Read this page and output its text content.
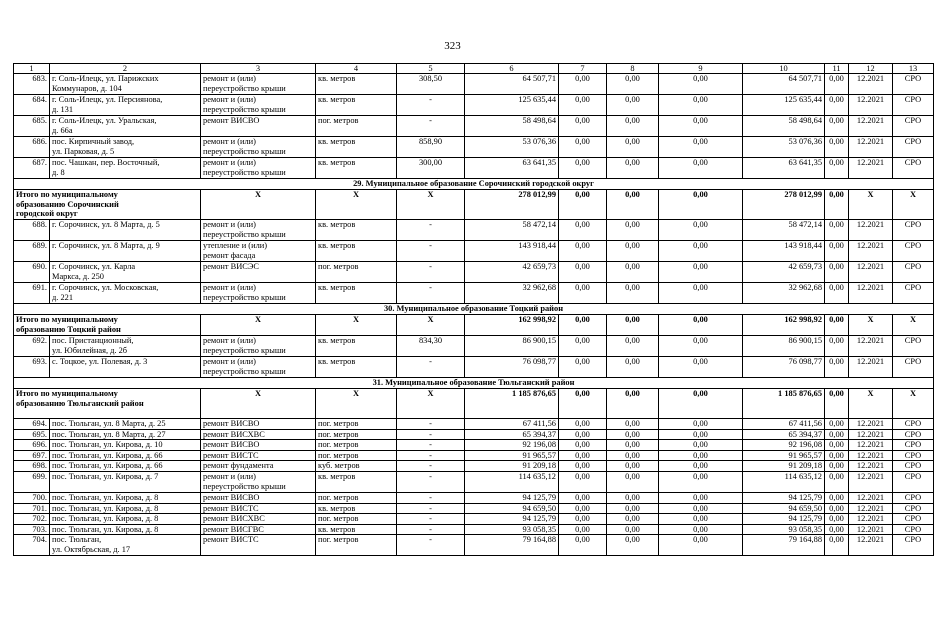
323
1	2	3	4	5	6	7	8	9	10	11	12	13
683.	г. Соль-Илецк, ул. Парижских
Коммунаров, д. 104	ремонт и (или)
переустройство крыши	кв. метров	308,50	64 507,71	0,00	0,00	0,00	64 507,71	0,00	12.2021	СРО
684.	г. Соль-Илецк, ул. Персиянова,
д. 131	ремонт и (или)
переустройство крыши	кв. метров	-	125 635,44	0,00	0,00	0,00	125 635,44	0,00	12.2021	СРО
685.	г. Соль-Илецк, ул. Уральская,
д. 66а	ремонт ВИСВО	пог. метров	-	58 498,64	0,00	0,00	0,00	58 498,64	0,00	12.2021	СРО
686.	пос. Кирпичный завод,
ул. Парковая, д. 5	ремонт и (или)
переустройство крыши	кв. метров	858,90	53 076,36	0,00	0,00	0,00	53 076,36	0,00	12.2021	СРО
687.	пос. Чашкан, пер. Восточный,
д. 8	ремонт и (или)
переустройство крыши	кв. метров	300,00	63 641,35	0,00	0,00	0,00	63 641,35	0,00	12.2021	СРО
29. Муниципальное образование Сорочинский городской округ												
Итого по муниципальному
образованию Сорочинский
городской округ		Х	Х	Х	278 012,99	0,00	0,00	0,00	278 012,99	0,00	Х	Х
688.	г. Сорочинск, ул. 8 Марта, д. 5	ремонт и (или)
переустройство крыши	кв. метров	-	58 472,14	0,00	0,00	0,00	58 472,14	0,00	12.2021	СРО
689.	г. Сорочинск, ул. 8 Марта, д. 9	утепление и (или)
ремонт фасада	кв. метров	-	143 918,44	0,00	0,00	0,00	143 918,44	0,00	12.2021	СРО
690.	г. Сорочинск, ул. Карла
Маркса, д. 250	ремонт ВИСЭС	пог. метров	-	42 659,73	0,00	0,00	0,00	42 659,73	0,00	12.2021	СРО
691.	г. Сорочинск, ул. Московская,
д. 221	ремонт и (или)
переустройство крыши	кв. метров	-	32 962,68	0,00	0,00	0,00	32 962,68	0,00	12.2021	СРО
30. Муниципальное образование Тоцкий район												
Итого по муниципальному
образованию Тоцкий район		Х	Х	Х	162 998,92	0,00	0,00	0,00	162 998,92	0,00	Х	Х
692.	пос. Пристанционный,
ул. Юбилейная, д. 2б	ремонт и (или)
переустройство крыши	кв. метров	834,30	86 900,15	0,00	0,00	0,00	86 900,15	0,00	12.2021	СРО
693.	с. Тоцкое, ул. Полевая, д. 3	ремонт и (или)
переустройство крыши	кв. метров	-	76 098,77	0,00	0,00	0,00	76 098,77	0,00	12.2021	СРО
31. Муниципальное образование Тюльганский район												
Итого по муниципальному
образованию Тюльганский район		Х	Х	Х	1 185 876,65	0,00	0,00	0,00	1 185 876,65	0,00	Х	Х
694.	пос. Тюльган, ул. 8 Марта, д. 25	ремонт ВИСВО	пог. метров	-	67 411,56	0,00	0,00	0,00	67 411,56	0,00	12.2021	СРО
695.	пос. Тюльган, ул. 8 Марта, д. 27	ремонт ВИСХВС	пог. метров	-	65 394,37	0,00	0,00	0,00	65 394,37	0,00	12.2021	СРО
696.	пос. Тюльган, ул. Кирова, д. 10	ремонт ВИСВО	пог. метров	-	92 196,08	0,00	0,00	0,00	92 196,08	0,00	12.2021	СРО
697.	пос. Тюльган, ул. Кирова, д. 66	ремонт ВИСТС	пог. метров	-	91 965,57	0,00	0,00	0,00	91 965,57	0,00	12.2021	СРО
698.	пос. Тюльган, ул. Кирова, д. 66	ремонт фундамента	куб. метров	-	91 209,18	0,00	0,00	0,00	91 209,18	0,00	12.2021	СРО
699.	пос. Тюльган, ул. Кирова, д. 7	ремонт и (или)
переустройство крыши	кв. метров	-	114 635,12	0,00	0,00	0,00	114 635,12	0,00	12.2021	СРО
700.	пос. Тюльган, ул. Кирова, д. 8	ремонт ВИСВО	пог. метров	-	94 125,79	0,00	0,00	0,00	94 125,79	0,00	12.2021	СРО
701.	пос. Тюльган, ул. Кирова, д. 8	ремонт ВИСТС	кв. метров	-	94 659,50	0,00	0,00	0,00	94 659,50	0,00	12.2021	СРО
702.	пос. Тюльган, ул. Кирова, д. 8	ремонт ВИСХВС	пог. метров	-	94 125,79	0,00	0,00	0,00	94 125,79	0,00	12.2021	СРО
703.	пос. Тюльган, ул. Кирова, д. 8	ремонт ВИСГВС	кв. метров	-	93 058,35	0,00	0,00	0,00	93 058,35	0,00	12.2021	СРО
704.	пос. Тюльган,
ул. Октябрьская, д. 17	ремонт ВИСТС	пог. метров	-	79 164,88	0,00	0,00	0,00	79 164,88	0,00	12.2021	СРО
